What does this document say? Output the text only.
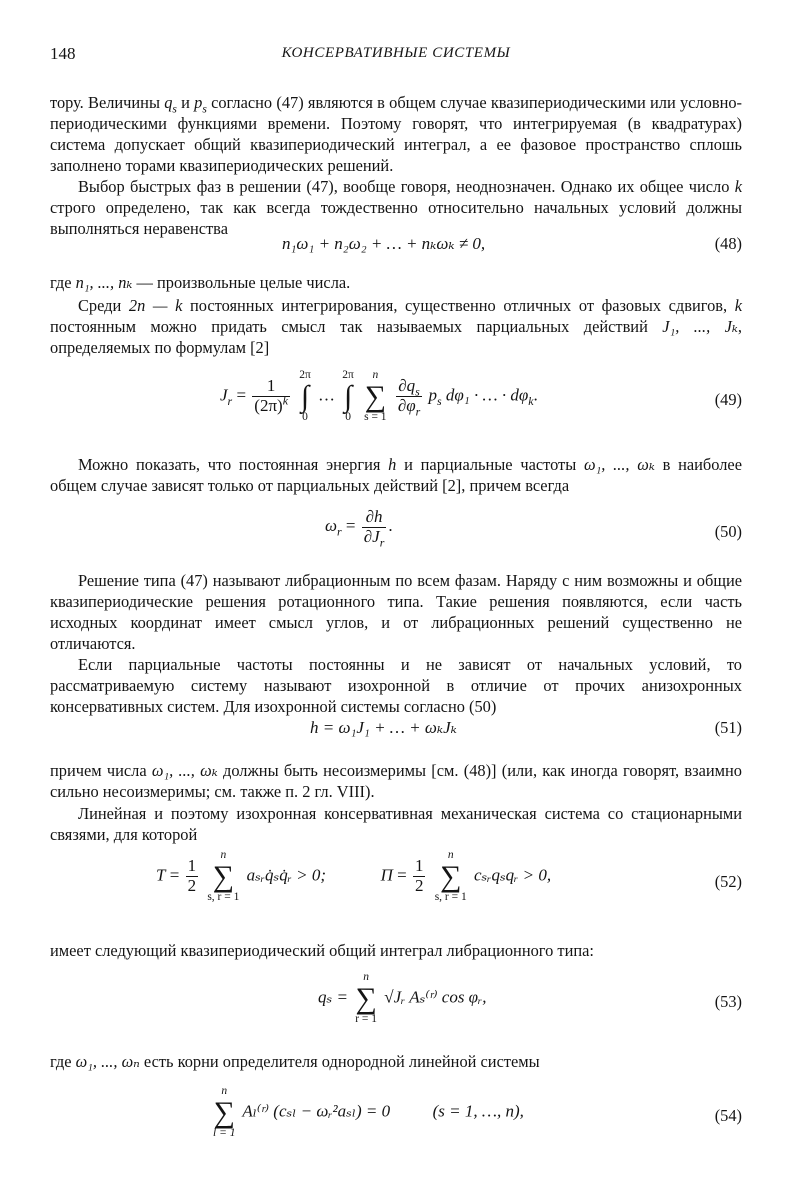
148	КОНСЕРВАТИВНЫЕ СИСТЕМЫ

тору. Величины $q_s$ и $p_s$ согласно (47) являются в общем случае квазипериодическими или условно-периодическими функциями времени. Поэтому говорят, что интегрируемая (в квадратурах) система допускает общий квазипериодический интеграл, а ее фазовое пространство сплошь заполнено торами квазипериодических решений.

Выбор быстрых фаз в решении (47), вообще говоря, неоднозначен. Однако их общее число k строго определено, так как всегда тождественно относительно начальных условий должны выполняться неравенства

n₁ω₁ + n₂ω₂ + … + nₖωₖ ≠ 0,	(48)

где n₁, ..., nₖ — произвольные целые числа.

Среди 2n — k постоянных интегрирования, существенно отличных от фазовых сдвигов, k постоянным можно придать смысл так называемых парциальных действий J₁, ..., Jₖ, определяемых по формулам [2]

$J_r = \frac{1}{(2\pi)^k}$

2π
∫
0
…
2π
∫
0

n
∑
s = 1

$\frac{\partial q_s}{\partial\varphi_r} p_s$ dφ₁ · … · $d\varphi_k$.	(49)

Можно показать, что постоянная энергия h и парциальные частоты ω₁, ..., ωₖ в наиболее общем случае зависят только от парциальных действий [2], причем всегда

$\omega_r = \frac{\partial h}{\partial J_r}$ .	(50)

Решение типа (47) называют либрационным по всем фазам. Наряду с ним возможны и общие квазипериодические решения ротационного типа. Такие решения появляются, если часть исходных координат имеет смысл углов, и от либрационных решений существенно не отличаются.

Если парциальные частоты постоянны и не зависят от начальных условий, то рассматриваемую систему называют изохронной в отличие от прочих анизохронных консервативных систем. Для изохронной системы согласно (50)

h = ω₁J₁ + … + ωₖJₖ	(51)

причем числа ω₁, ..., ωₖ должны быть несоизмеримы [см. (48)] (или, как иногда говорят, взаимно сильно несоизмеримы; см. также п. 2 гл. VIII).

Линейная и поэтому изохронная консервативная механическая система со стационарными связями, для которой

$T = \frac{1}{2}$

n
∑
s, r = 1
aₛᵣq̇ₛq̇ᵣ > 0;	$П = \frac{1}{2}$

n
∑
s, r = 1
cₛᵣqₛqᵣ > 0,	(52)

имеет следующий квазипериодический общий интеграл либрационного типа:

qₛ =
n
∑
r = 1
√Jᵣ Aₛ⁽ʳ⁾ cos φᵣ,	(53)

где ω₁, ..., ωₙ есть корни определителя однородной линейной системы

n
∑
l = 1
Aₗ⁽ʳ⁾ (cₛₗ − ωᵣ²aₛₗ) = 0	(s = 1, …, n),	(54)
